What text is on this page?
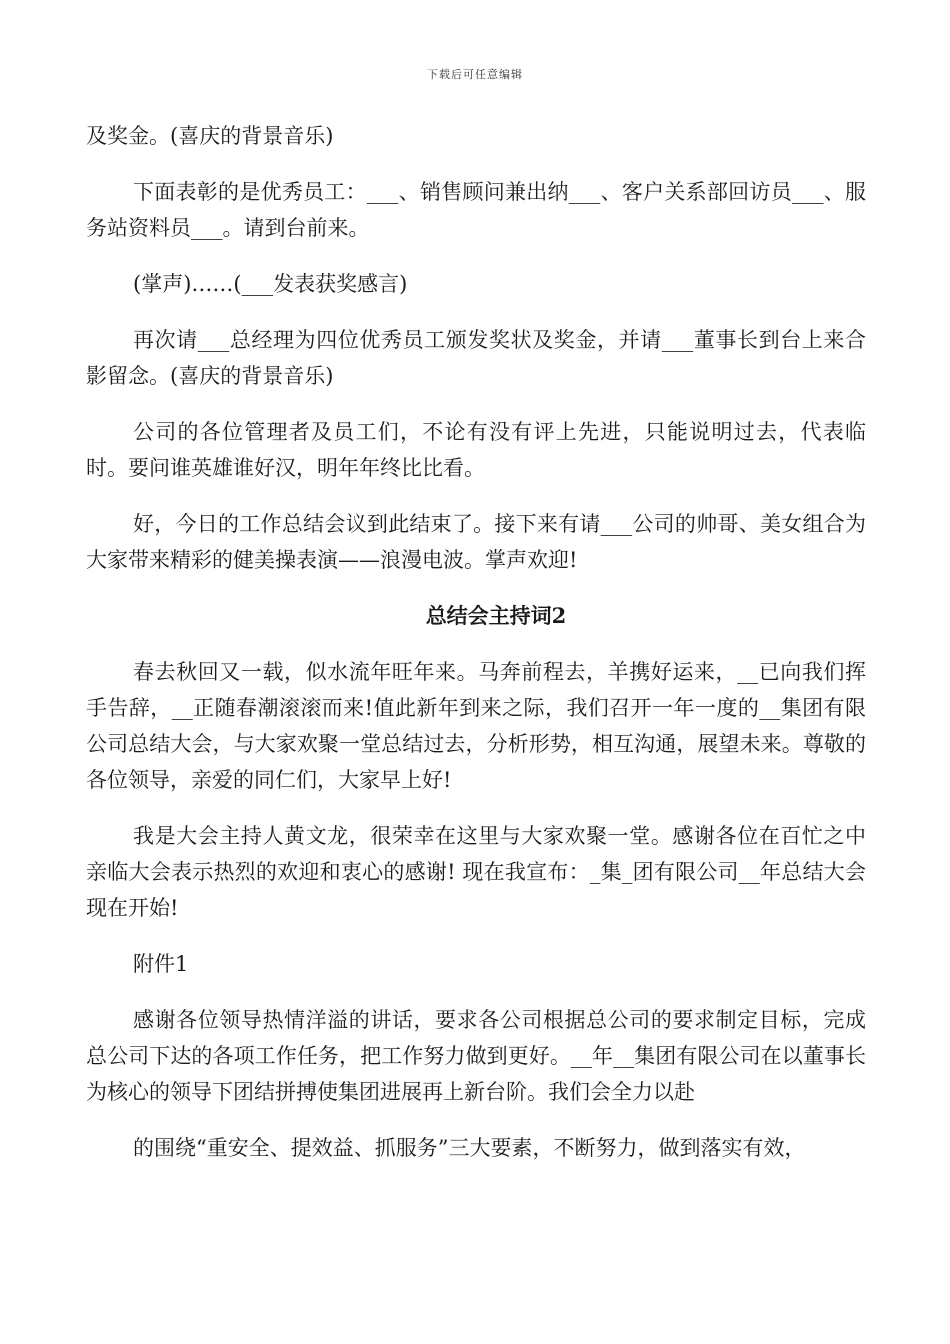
下载后可任意编辑

及奖金。(喜庆的背景音乐)

下面表彰的是优秀员工：___、销售顾问兼出纳___、客户关系部回访员___、服务站资料员___。请到台前来。

(掌声)……(___发表获奖感言)

再次请___总经理为四位优秀员工颁发奖状及奖金，并请___董事长到台上来合影留念。(喜庆的背景音乐)

公司的各位管理者及员工们，不论有没有评上先进，只能说明过去，代表临时。要问谁英雄谁好汉，明年年终比比看。

好，今日的工作总结会议到此结束了。接下来有请___公司的帅哥、美女组合为大家带来精彩的健美操表演——浪漫电波。掌声欢迎!

总结会主持词2

春去秋回又一载，似水流年旺年来。马奔前程去，羊携好运来，__已向我们挥手告辞，__正随春潮滚滚而来!值此新年到来之际，我们召开一年一度的__集团有限公司总结大会，与大家欢聚一堂总结过去，分析形势，相互沟通，展望未来。尊敬的各位领导，亲爱的同仁们，大家早上好!

我是大会主持人黄文龙，很荣幸在这里与大家欢聚一堂。感谢各位在百忙之中亲临大会表示热烈的欢迎和衷心的感谢! 现在我宣布：_集_团有限公司__年总结大会现在开始!

附件1

感谢各位领导热情洋溢的讲话，要求各公司根据总公司的要求制定目标，完成总公司下达的各项工作任务，把工作努力做到更好。__年__集团有限公司在以董事长为核心的领导下团结拼搏使集团进展再上新台阶。我们会全力以赴

的围绕“重安全、提效益、抓服务”三大要素，不断努力，做到落实有效，
